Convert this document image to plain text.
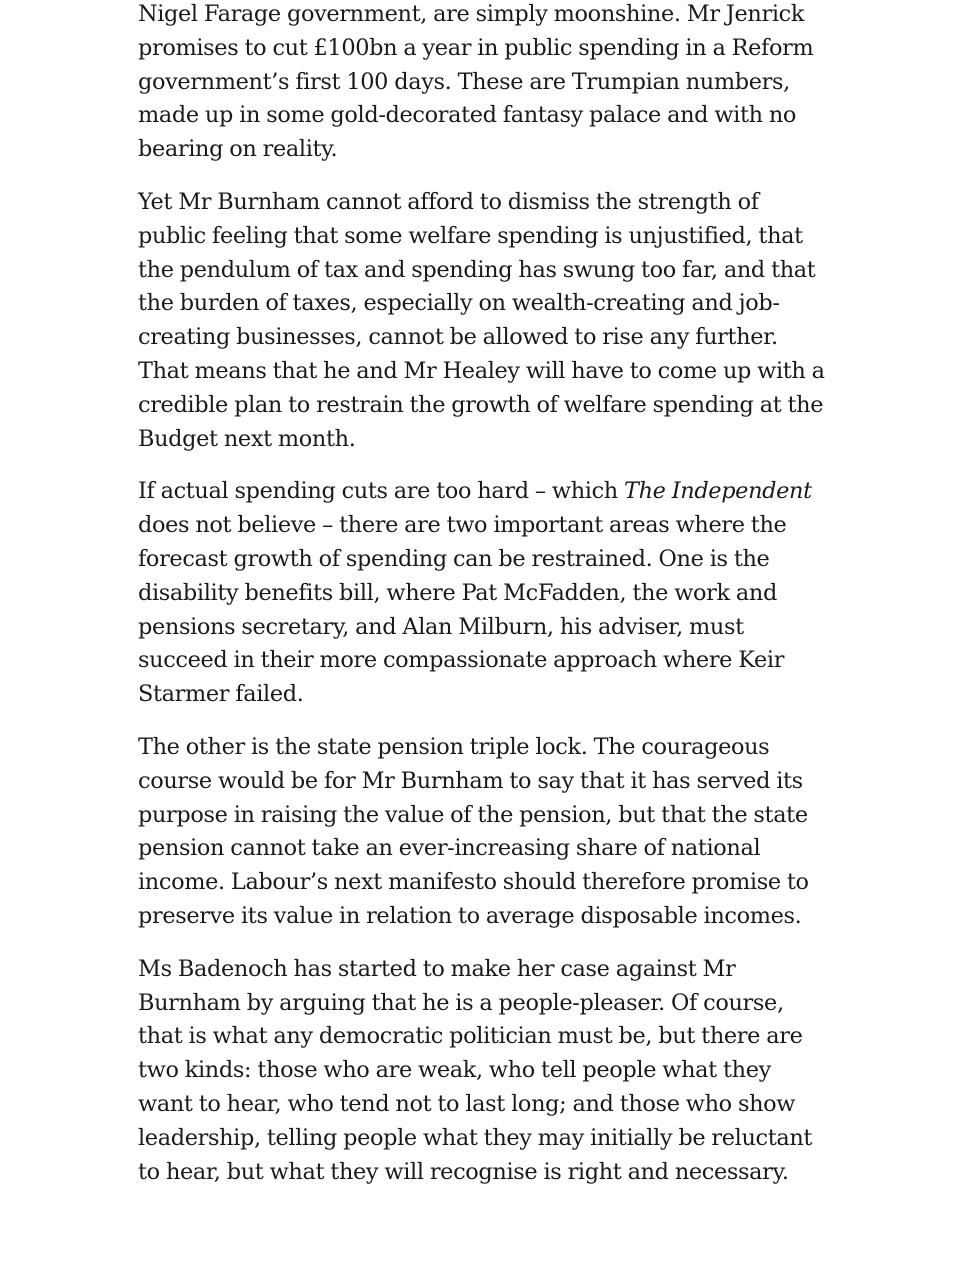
Nigel Farage government, are simply moonshine. Mr Jenrick promises to cut £100bn a year in public spending in a Reform government’s first 100 days. These are Trumpian numbers, made up in some gold-decorated fantasy palace and with no bearing on reality.

Yet Mr Burnham cannot afford to dismiss the strength of public feeling that some welfare spending is unjustified, that the pendulum of tax and spending has swung too far, and that the burden of taxes, especially on wealth-creating and job-creating businesses, cannot be allowed to rise any further. That means that he and Mr Healey will have to come up with a credible plan to restrain the growth of welfare spending at the Budget next month.

If actual spending cuts are too hard – which The Independent does not believe – there are two important areas where the forecast growth of spending can be restrained. One is the disability benefits bill, where Pat McFadden, the work and pensions secretary, and Alan Milburn, his adviser, must succeed in their more compassionate approach where Keir Starmer failed.

The other is the state pension triple lock. The courageous course would be for Mr Burnham to say that it has served its purpose in raising the value of the pension, but that the state pension cannot take an ever-increasing share of national income. Labour’s next manifesto should therefore promise to preserve its value in relation to average disposable incomes.

Ms Badenoch has started to make her case against Mr Burnham by arguing that he is a people-pleaser. Of course, that is what any democratic politician must be, but there are two kinds: those who are weak, who tell people what they want to hear, who tend not to last long; and those who show leadership, telling people what they may initially be reluctant to hear, but what they will recognise is right and necessary.
